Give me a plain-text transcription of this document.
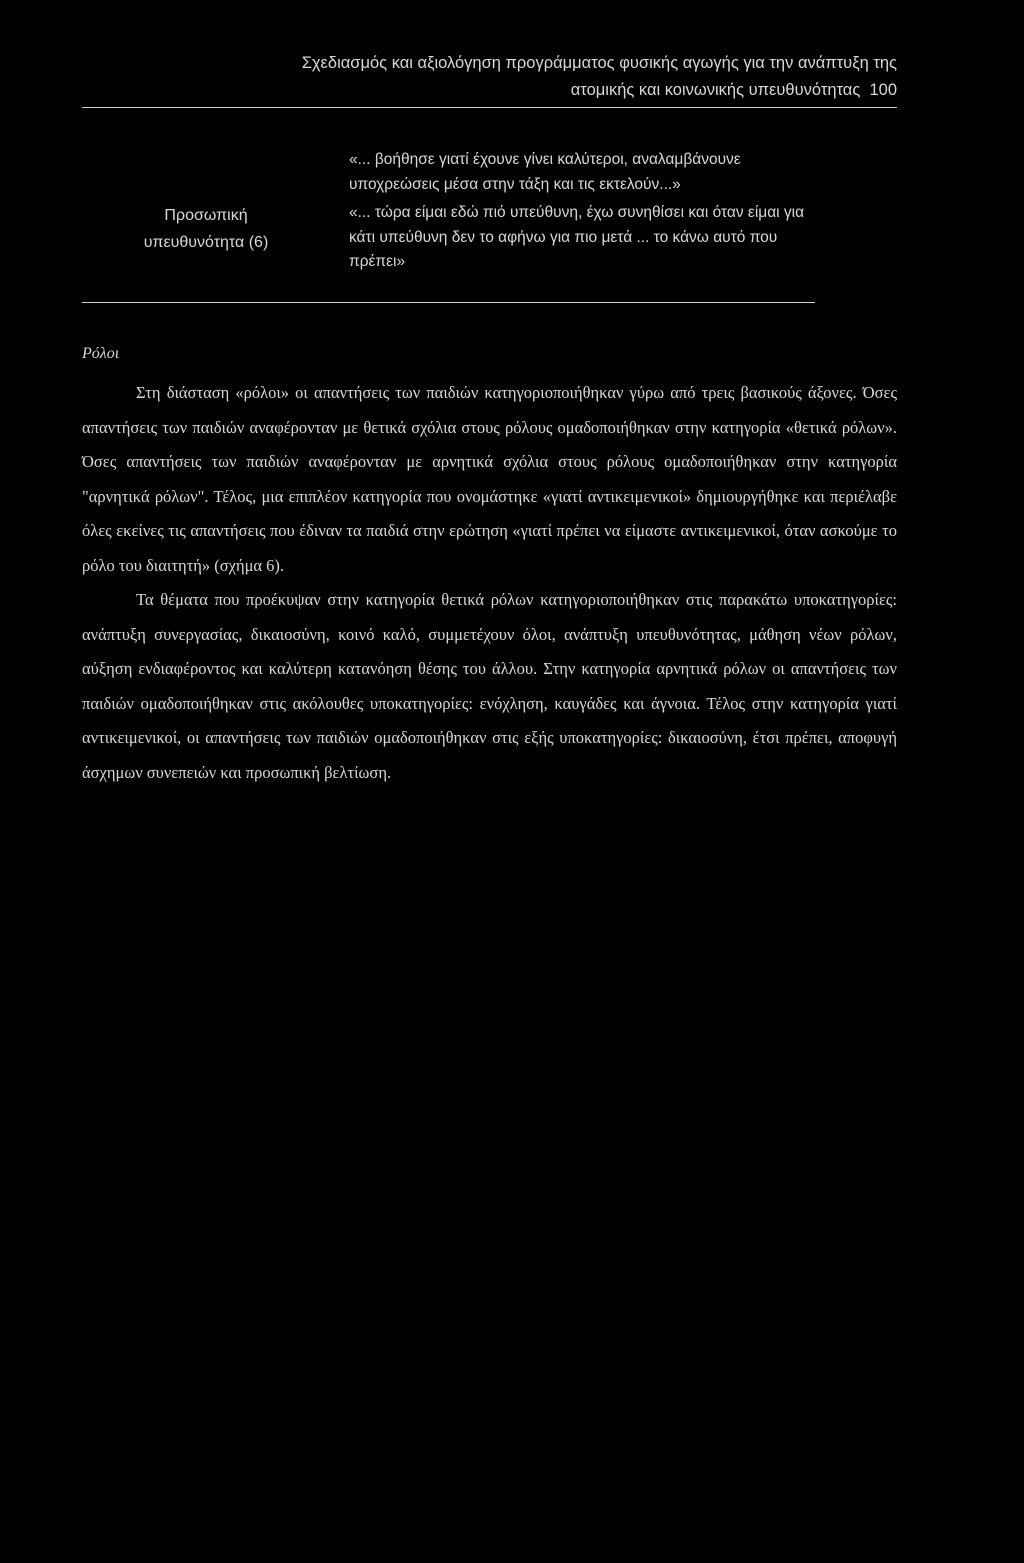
Σχεδιασμός και αξιολόγηση προγράμματος φυσικής αγωγής για την ανάπτυξη της
ατομικής και κοινωνικής υπευθυνότητας 100
Προσωπική
υπευθυνότητα (6)

«... βοήθησε γιατί έχουνε γίνει καλύτεροι, αναλαμβάνουνε υποχρεώσεις μέσα στην τάξη και τις εκτελούν...»

«... τώρα είμαι εδώ πιό υπεύθυνη, έχω συνηθίσει και όταν είμαι για κάτι υπεύθυνη δεν το αφήνω για πιο μετά ... το κάνω αυτό που πρέπει»

Ρόλοι

Στη διάσταση «ρόλοι» οι απαντήσεις των παιδιών κατηγοριοποιήθηκαν γύρω από τρεις βασικούς άξονες. Όσες απαντήσεις των παιδιών αναφέρονταν με θετικά σχόλια στους ρόλους ομαδοποιήθηκαν στην κατηγορία «θετικά ρόλων». Όσες απαντήσεις των παιδιών αναφέρονταν με αρνητικά σχόλια στους ρόλους ομαδοποιήθηκαν στην κατηγορία "αρνητικά ρόλων". Τέλος, μια επιπλέον κατηγορία που ονομάστηκε «γιατί αντικειμενικοί» δημιουργήθηκε και περιέλαβε όλες εκείνες τις απαντήσεις που έδιναν τα παιδιά στην ερώτηση «γιατί πρέπει να είμαστε αντικειμενικοί, όταν ασκούμε το ρόλο του διαιτητή» (σχήμα 6).

Τα θέματα που προέκυψαν στην κατηγορία θετικά ρόλων κατηγοριοποιήθηκαν στις παρακάτω υποκατηγορίες: ανάπτυξη συνεργασίας, δικαιοσύνη, κοινό καλό, συμμετέχουν όλοι, ανάπτυξη υπευθυνότητας, μάθηση νέων ρόλων, αύξηση ενδιαφέροντος και καλύτερη κατανόηση θέσης του άλλου. Στην κατηγορία αρνητικά ρόλων οι απαντήσεις των παιδιών ομαδοποιήθηκαν στις ακόλουθες υποκατηγορίες: ενόχληση, καυγάδες και άγνοια. Τέλος στην κατηγορία γιατί αντικειμενικοί, οι απαντήσεις των παιδιών ομαδοποιήθηκαν στις εξής υποκατηγορίες: δικαιοσύνη, έτσι πρέπει, αποφυγή άσχημων συνεπειών και προσωπική βελτίωση.
